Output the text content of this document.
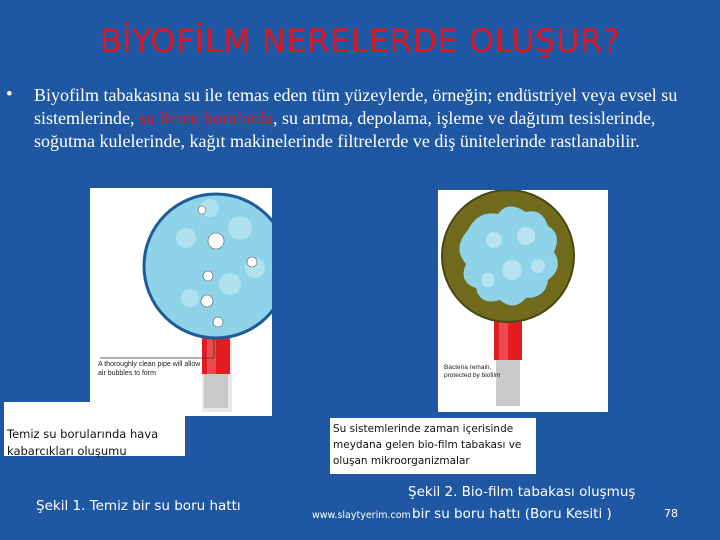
BİYOFİLM NERELERDE OLUŞUR?
• Biyofilm tabakasına su ile temas eden tüm yüzeylerde, örneğin; endüstriyel veya evsel su sistemlerinde, su ileten borularda, su arıtma, depolama, işleme ve dağıtım tesislerinde, soğutma kulelerinde, kağıt makinelerinde filtrelerde ve diş ünitelerinde rastlanabilir.
A thoroughly clean pipe will allow air bubbles to form
Bacteria remain, protected by biofilm
Temiz su borularında hava kabarcıkları oluşumu
Su sistemlerinde zaman içerisinde meydana gelen bio-film tabakası ve oluşan mikroorganizmalar
Şekil 1. Temiz bir su boru hattı
Şekil 2. Bio-film tabakası oluşmuş
bir su boru hattı (Boru Kesiti )
www.slaytyerim.com	78
